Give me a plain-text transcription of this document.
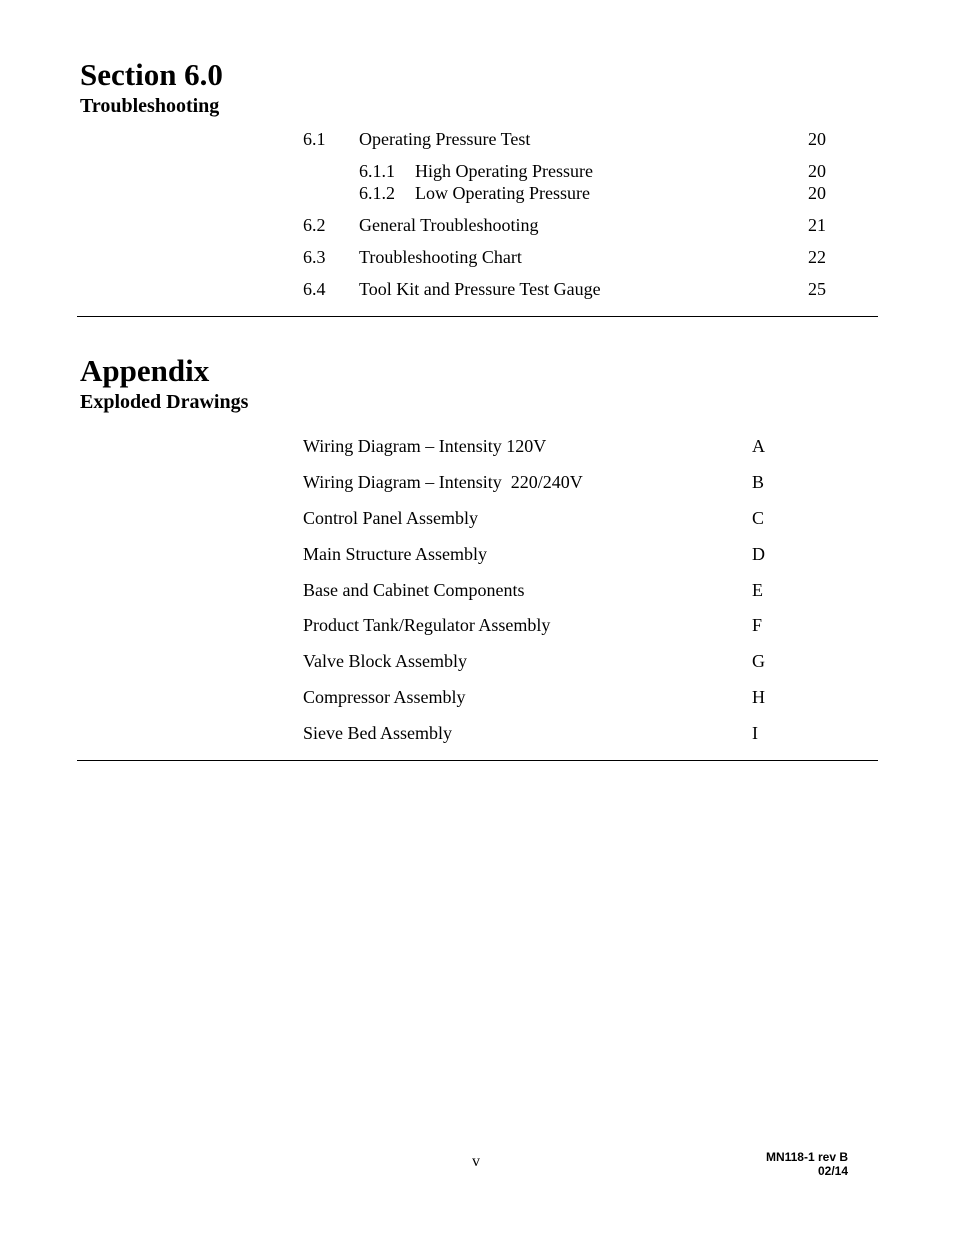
Section 6.0
Troubleshooting
6.1 Operating Pressure Test	20
6.1.1 High Operating Pressure	20
6.1.2 Low Operating Pressure	20
6.2 General Troubleshooting	21
6.3 Troubleshooting Chart	22
6.4 Tool Kit and Pressure Test Gauge	25
Appendix
Exploded Drawings
Wiring Diagram – Intensity 120V	A
Wiring Diagram – Intensity  220/240V	B
Control Panel Assembly	C
Main Structure Assembly	D
Base and Cabinet Components	E
Product Tank/Regulator Assembly	F
Valve Block Assembly	G
Compressor Assembly	H
Sieve Bed Assembly	I
v	MN118-1 rev B
02/14
